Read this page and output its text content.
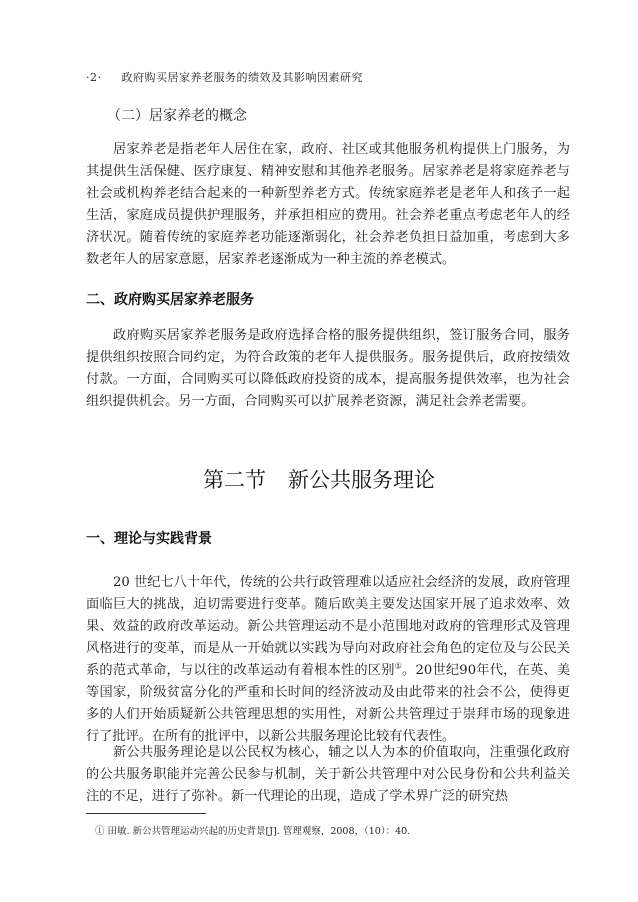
·2· 政府购买居家养老服务的绩效及其影响因素研究
（二）居家养老的概念

居家养老是指老年人居住在家，政府、社区或其他服务机构提供上门服务，为其提供生活保健、医疗康复、精神安慰和其他养老服务。居家养老是将家庭养老与社会或机构养老结合起来的一种新型养老方式。传统家庭养老是老年人和孩子一起生活，家庭成员提供护理服务，并承担相应的费用。社会养老重点考虑老年人的经济状况。随着传统的家庭养老功能逐渐弱化，社会养老负担日益加重，考虑到大多数老年人的居家意愿，居家养老逐渐成为一种主流的养老模式。

二、政府购买居家养老服务

政府购买居家养老服务是政府选择合格的服务提供组织，签订服务合同，服务提供组织按照合同约定，为符合政策的老年人提供服务。服务提供后，政府按绩效付款。一方面，合同购买可以降低政府投资的成本，提高服务提供效率，也为社会组织提供机会。另一方面，合同购买可以扩展养老资源，满足社会养老需要。

第二节 新公共服务理论
一、理论与实践背景

20 世纪七八十年代，传统的公共行政管理难以适应社会经济的发展，政府管理面临巨大的挑战，迫切需要进行变革。随后欧美主要发达国家开展了追求效率、效果、效益的政府改革运动。新公共管理运动不是小范围地对政府的管理形式及管理风格进行的变革，而是从一开始就以实践为导向对政府社会角色的定位及与公民关系的范式革命，与以往的改革运动有着根本性的区别①。20世纪90年代，在英、美等国家，阶级贫富分化的严重和长时间的经济波动及由此带来的社会不公，使得更多的人们开始质疑新公共管理思想的实用性，对新公共管理过于崇拜市场的现象进行了批评。在所有的批评中，以新公共服务理论比较有代表性。

新公共服务理论是以公民权为核心，辅之以人为本的价值取向，注重强化政府的公共服务职能并完善公民参与机制，关于新公共管理中对公民身份和公共利益关注的不足，进行了弥补。新一代理论的出现，造成了学术界广泛的研究热

① 田敏. 新公共管理运动兴起的历史背景[J]. 管理观察，2008，（10）：40.
